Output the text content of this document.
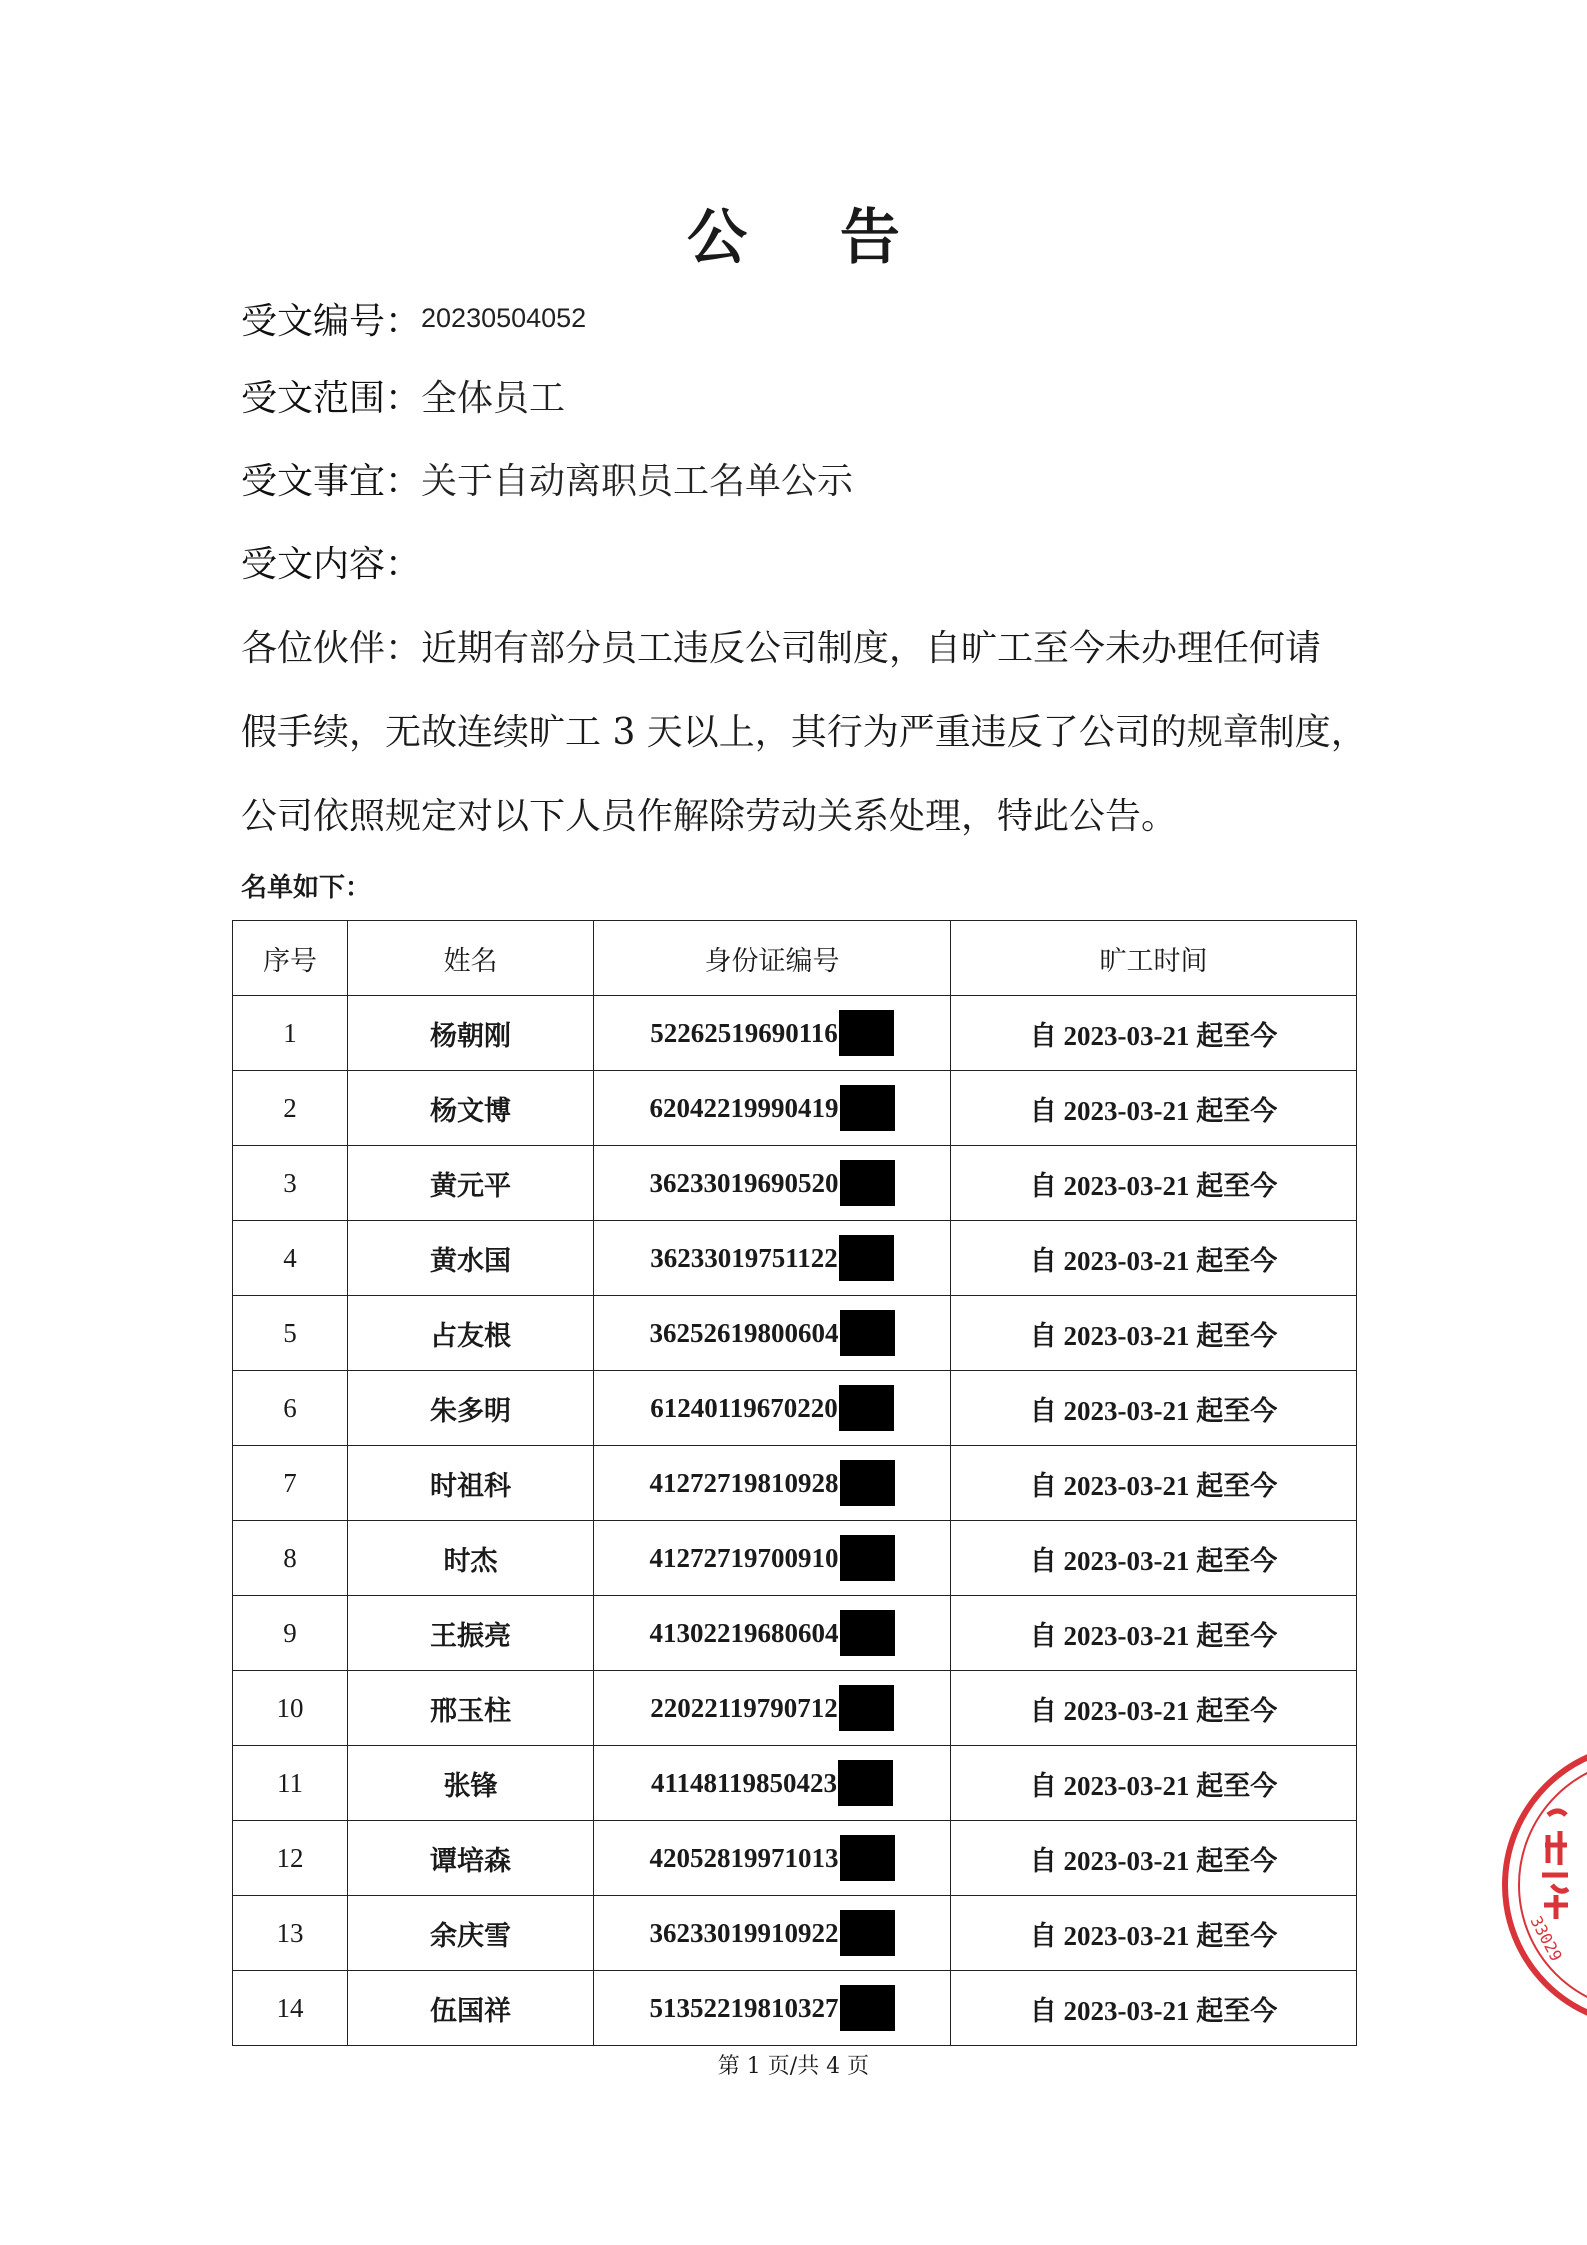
公 告
受文编号：20230504052
受文范围：全体员工
受文事宜：关于自动离职员工名单公示
受文内容：
各位伙伴：近期有部分员工违反公司制度，自旷工至今未办理任何请
假手续，无故连续旷工 3 天以上，其行为严重违反了公司的规章制度，
公司依照规定对以下人员作解除劳动关系处理，特此公告。
名单如下：
序号	姓名	身份证编号	旷工时间
1	杨朝刚	52262519690116	自 2023-03-21 起至今
2	杨文博	62042219990419	自 2023-03-21 起至今
3	黄元平	36233019690520	自 2023-03-21 起至今
4	黄水国	36233019751122	自 2023-03-21 起至今
5	占友根	36252619800604	自 2023-03-21 起至今
6	朱多明	61240119670220	自 2023-03-21 起至今
7	时祖科	41272719810928	自 2023-03-21 起至今
8	时杰	41272719700910	自 2023-03-21 起至今
9	王振亮	41302219680604	自 2023-03-21 起至今
10	邢玉柱	22022119790712	自 2023-03-21 起至今
11	张锋	41148119850423	自 2023-03-21 起至今
12	谭培森	42052819971013	自 2023-03-21 起至今
13	余庆雪	36233019910922	自 2023-03-21 起至今
14	伍国祥	51352219810327	自 2023-03-21 起至今
第 1 页/共 4 页
33029
